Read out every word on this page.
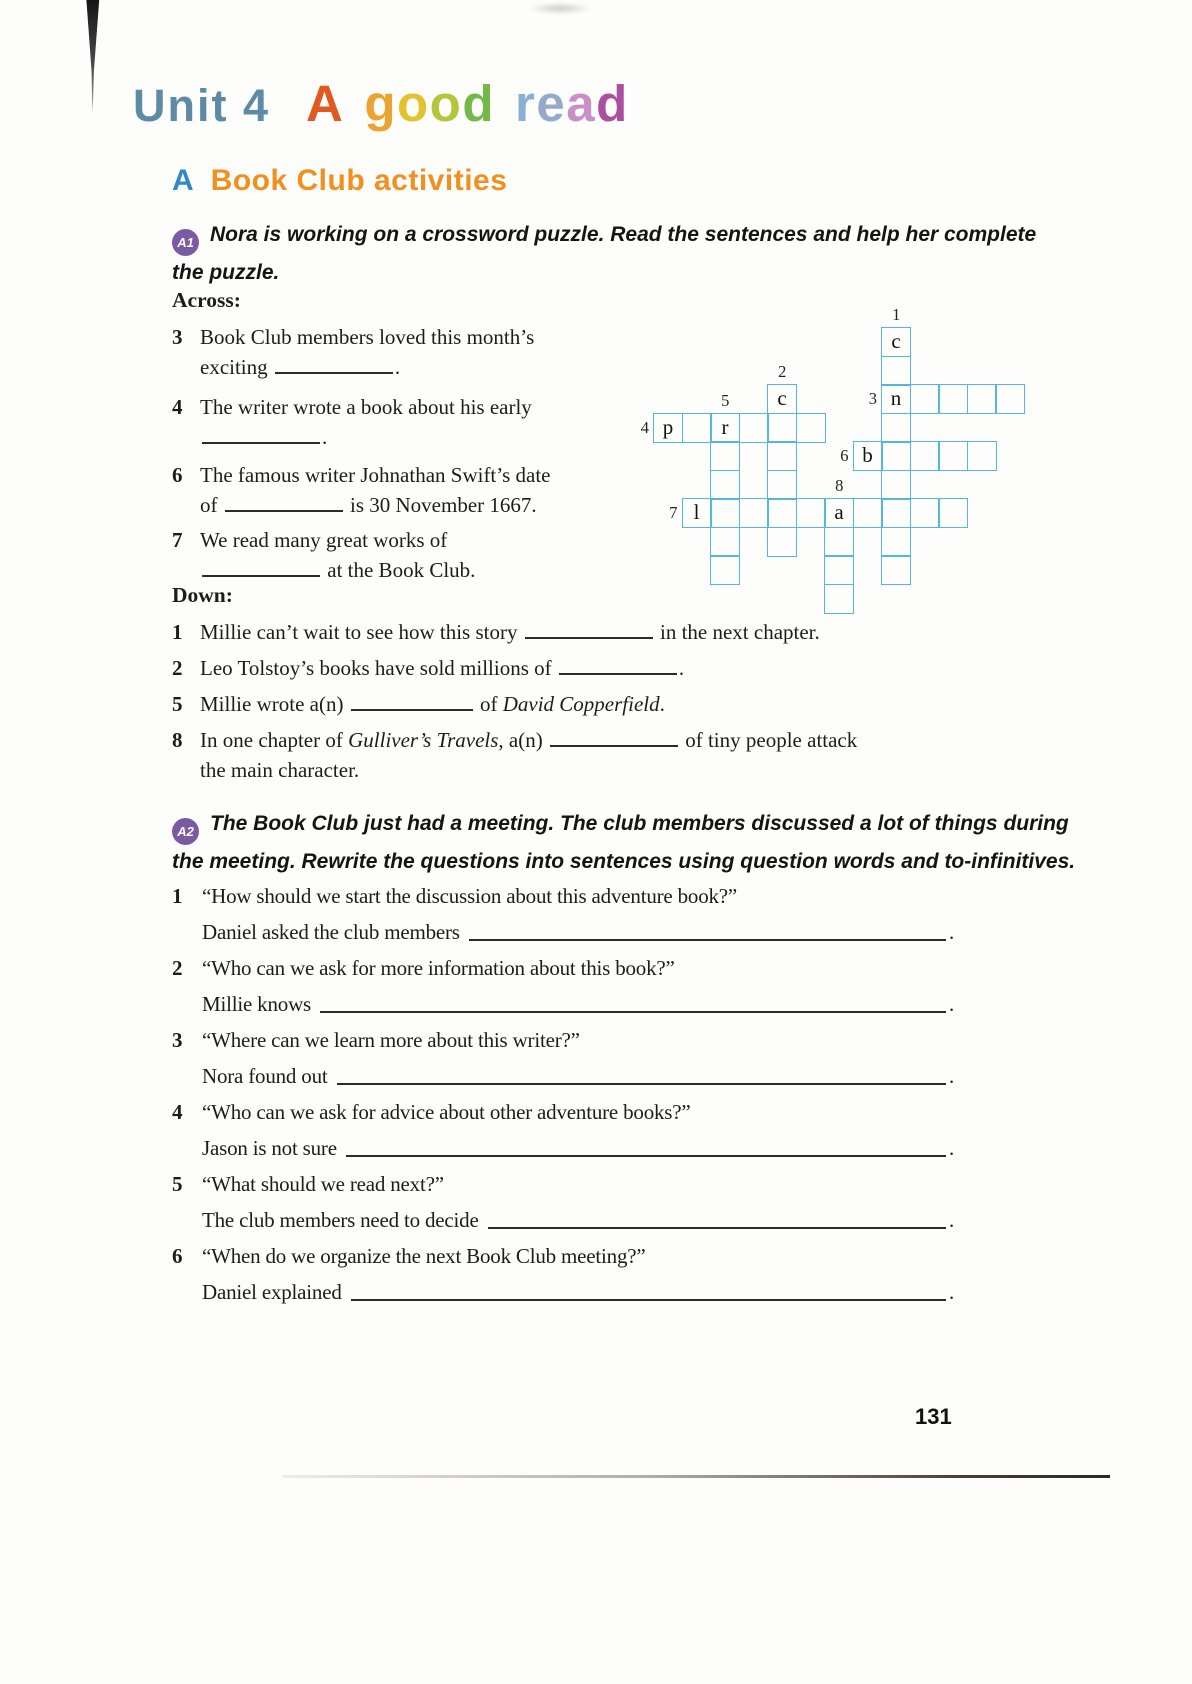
Unit 4 A good read
A Book Club activities
A1 Nora is working on a crossword puzzle. Read the sentences and help her complete
the puzzle.
Across:
3 Book Club members loved this month’s
exciting	.
4 The writer wrote a book about his early
.
6 The famous writer Johnathan Swift’s date
of	is 30 November 1667.
7 We read many great works of
at the Book Club.
c
n
1
c
2
3
p	r
4
5
b
6
l	a
7
8
Down:
1 Millie can’t wait to see how this story	in the next chapter.
2 Leo Tolstoy’s books have sold millions of	.
5 Millie wrote a(n)	of David Copperfield.
8 In one chapter of Gulliver’s Travels, a(n)	of tiny people attack
the main character.
A2 The Book Club just had a meeting. The club members discussed a lot of things during
the meeting. Rewrite the questions into sentences using question words and to-infinitives.
1 “How should we start the discussion about this adventure book?”
Daniel asked the club members	.
2 “Who can we ask for more information about this book?”
Millie knows	.
3 “Where can we learn more about this writer?”
Nora found out	.
4 “Who can we ask for advice about other adventure books?”
Jason is not sure	.
5 “What should we read next?”
The club members need to decide	.
6 “When do we organize the next Book Club meeting?”
Daniel explained	.
131
